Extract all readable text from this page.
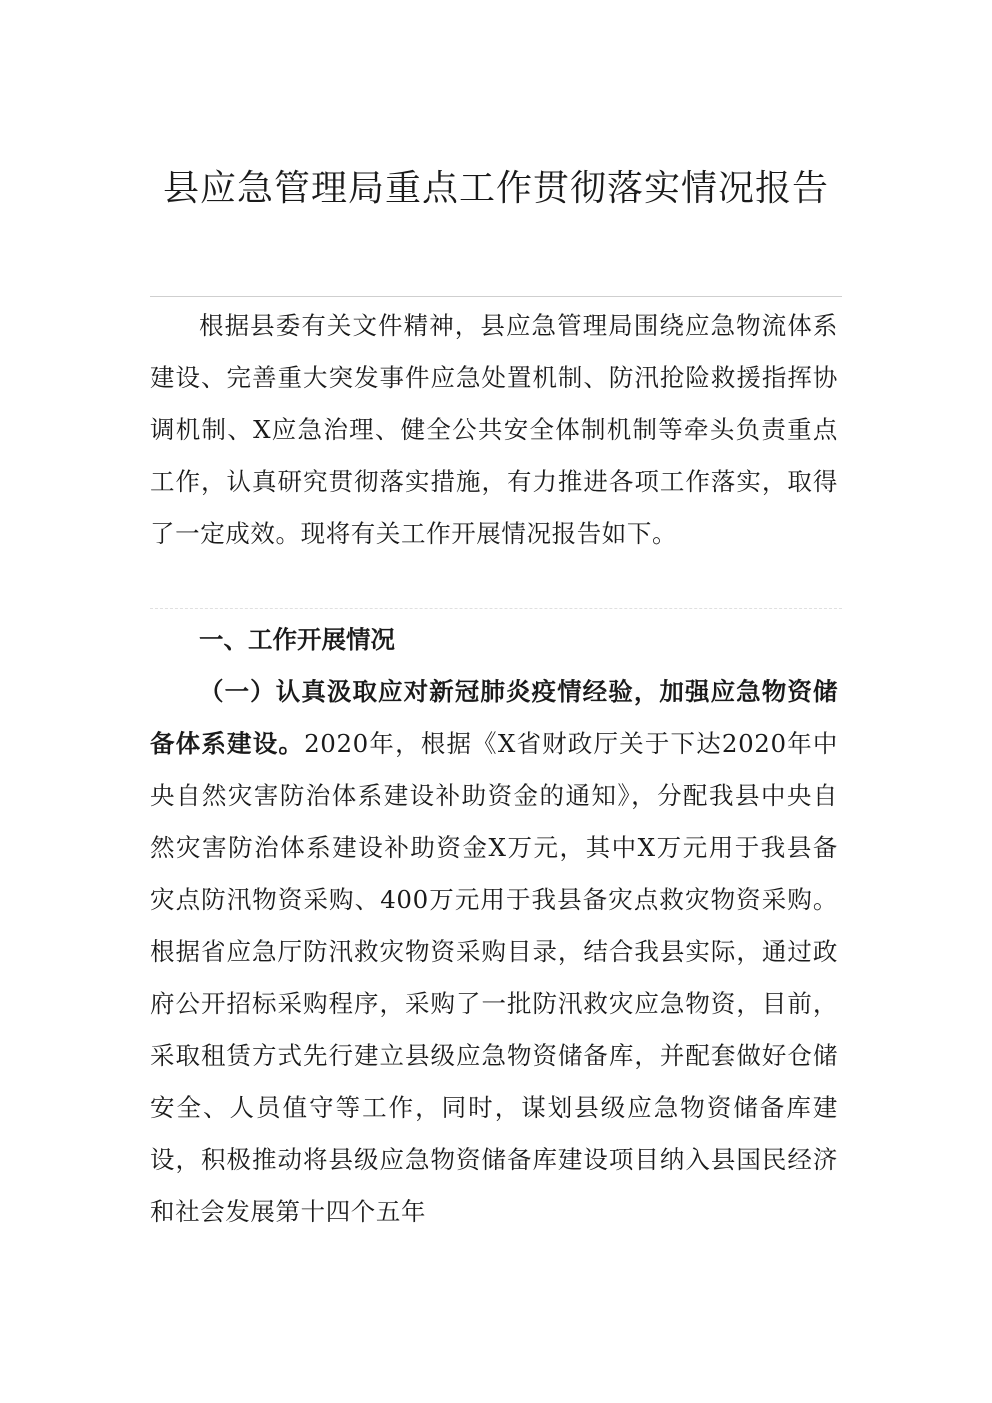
县应急管理局重点工作贯彻落实情况报告

根据县委有关文件精神，县应急管理局围绕应急物流体系建设、完善重大突发事件应急处置机制、防汛抢险救援指挥协调机制、X应急治理、健全公共安全体制机制等牵头负责重点工作，认真研究贯彻落实措施，有力推进各项工作落实，取得了一定成效。现将有关工作开展情况报告如下。

一、工作开展情况

（一）认真汲取应对新冠肺炎疫情经验，加强应急物资储备体系建设。2020年，根据《X省财政厅关于下达2020年中央自然灾害防治体系建设补助资金的通知》，分配我县中央自然灾害防治体系建设补助资金X万元，其中X万元用于我县备灾点防汛物资采购、400万元用于我县备灾点救灾物资采购。根据省应急厅防汛救灾物资采购目录，结合我县实际，通过政府公开招标采购程序，采购了一批防汛救灾应急物资，目前，采取租赁方式先行建立县级应急物资储备库，并配套做好仓储安全、人员值守等工作，同时，谋划县级应急物资储备库建设，积极推动将县级应急物资储备库建设项目纳入县国民经济和社会发展第十四个五年
